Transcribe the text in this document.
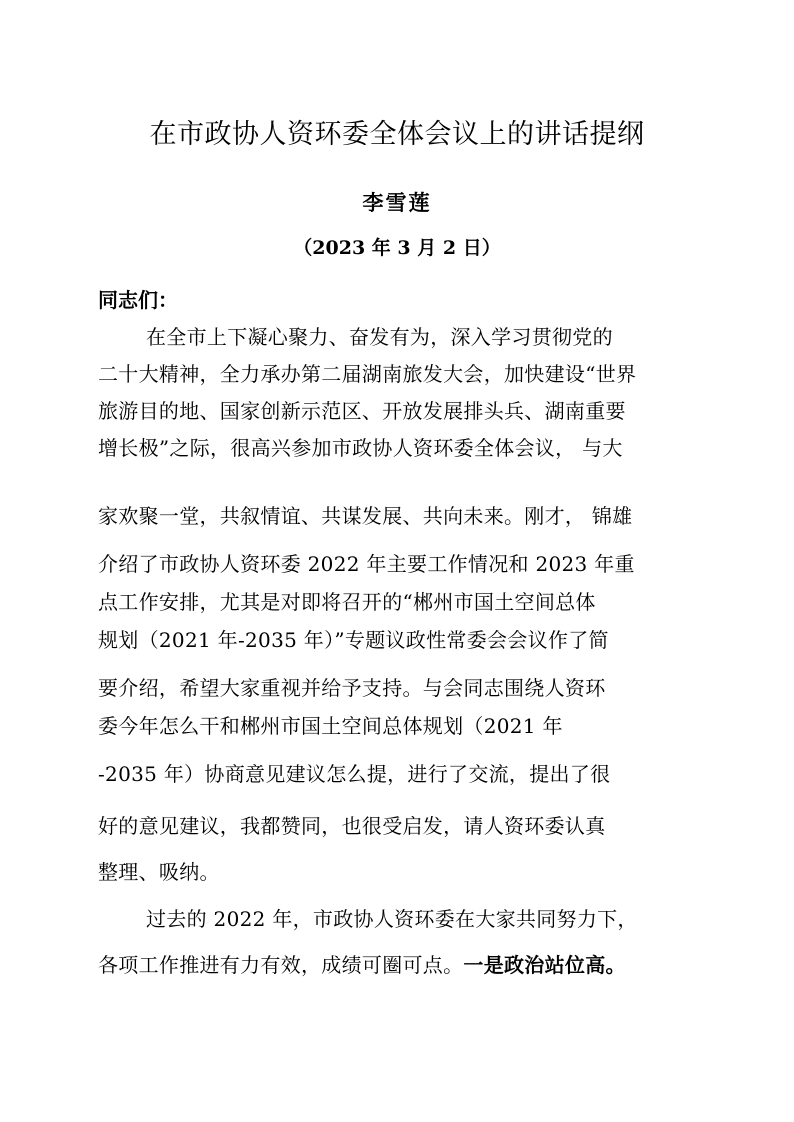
在市政协人资环委全体会议上的讲话提纲
李雪莲
（2023 年 3 月 2 日）
同志们：
在全市上下凝心聚力、奋发有为，深入学习贯彻党的
二十大精神，全力承办第二届湖南旅发大会，加快建设“世界
旅游目的地、国家创新示范区、开放发展排头兵、湖南重要
增长极”之际，很高兴参加市政协人资环委全体会议， 与大
家欢聚一堂，共叙情谊、共谋发展、共向未来。刚才， 锦雄
介绍了市政协人资环委 2022 年主要工作情况和 2023 年重
点工作安排，尤其是对即将召开的“郴州市国土空间总体
规划（2021 年-2035 年）”专题议政性常委会会议作了简
要介绍，希望大家重视并给予支持。与会同志围绕人资环
委今年怎么干和郴州市国土空间总体规划（2021 年
-2035 年）协商意见建议怎么提，进行了交流，提出了很
好的意见建议，我都赞同，也很受启发，请人资环委认真
整理、吸纳。
过去的 2022 年，市政协人资环委在大家共同努力下，
各项工作推进有力有效，成绩可圈可点。一是政治站位高。
